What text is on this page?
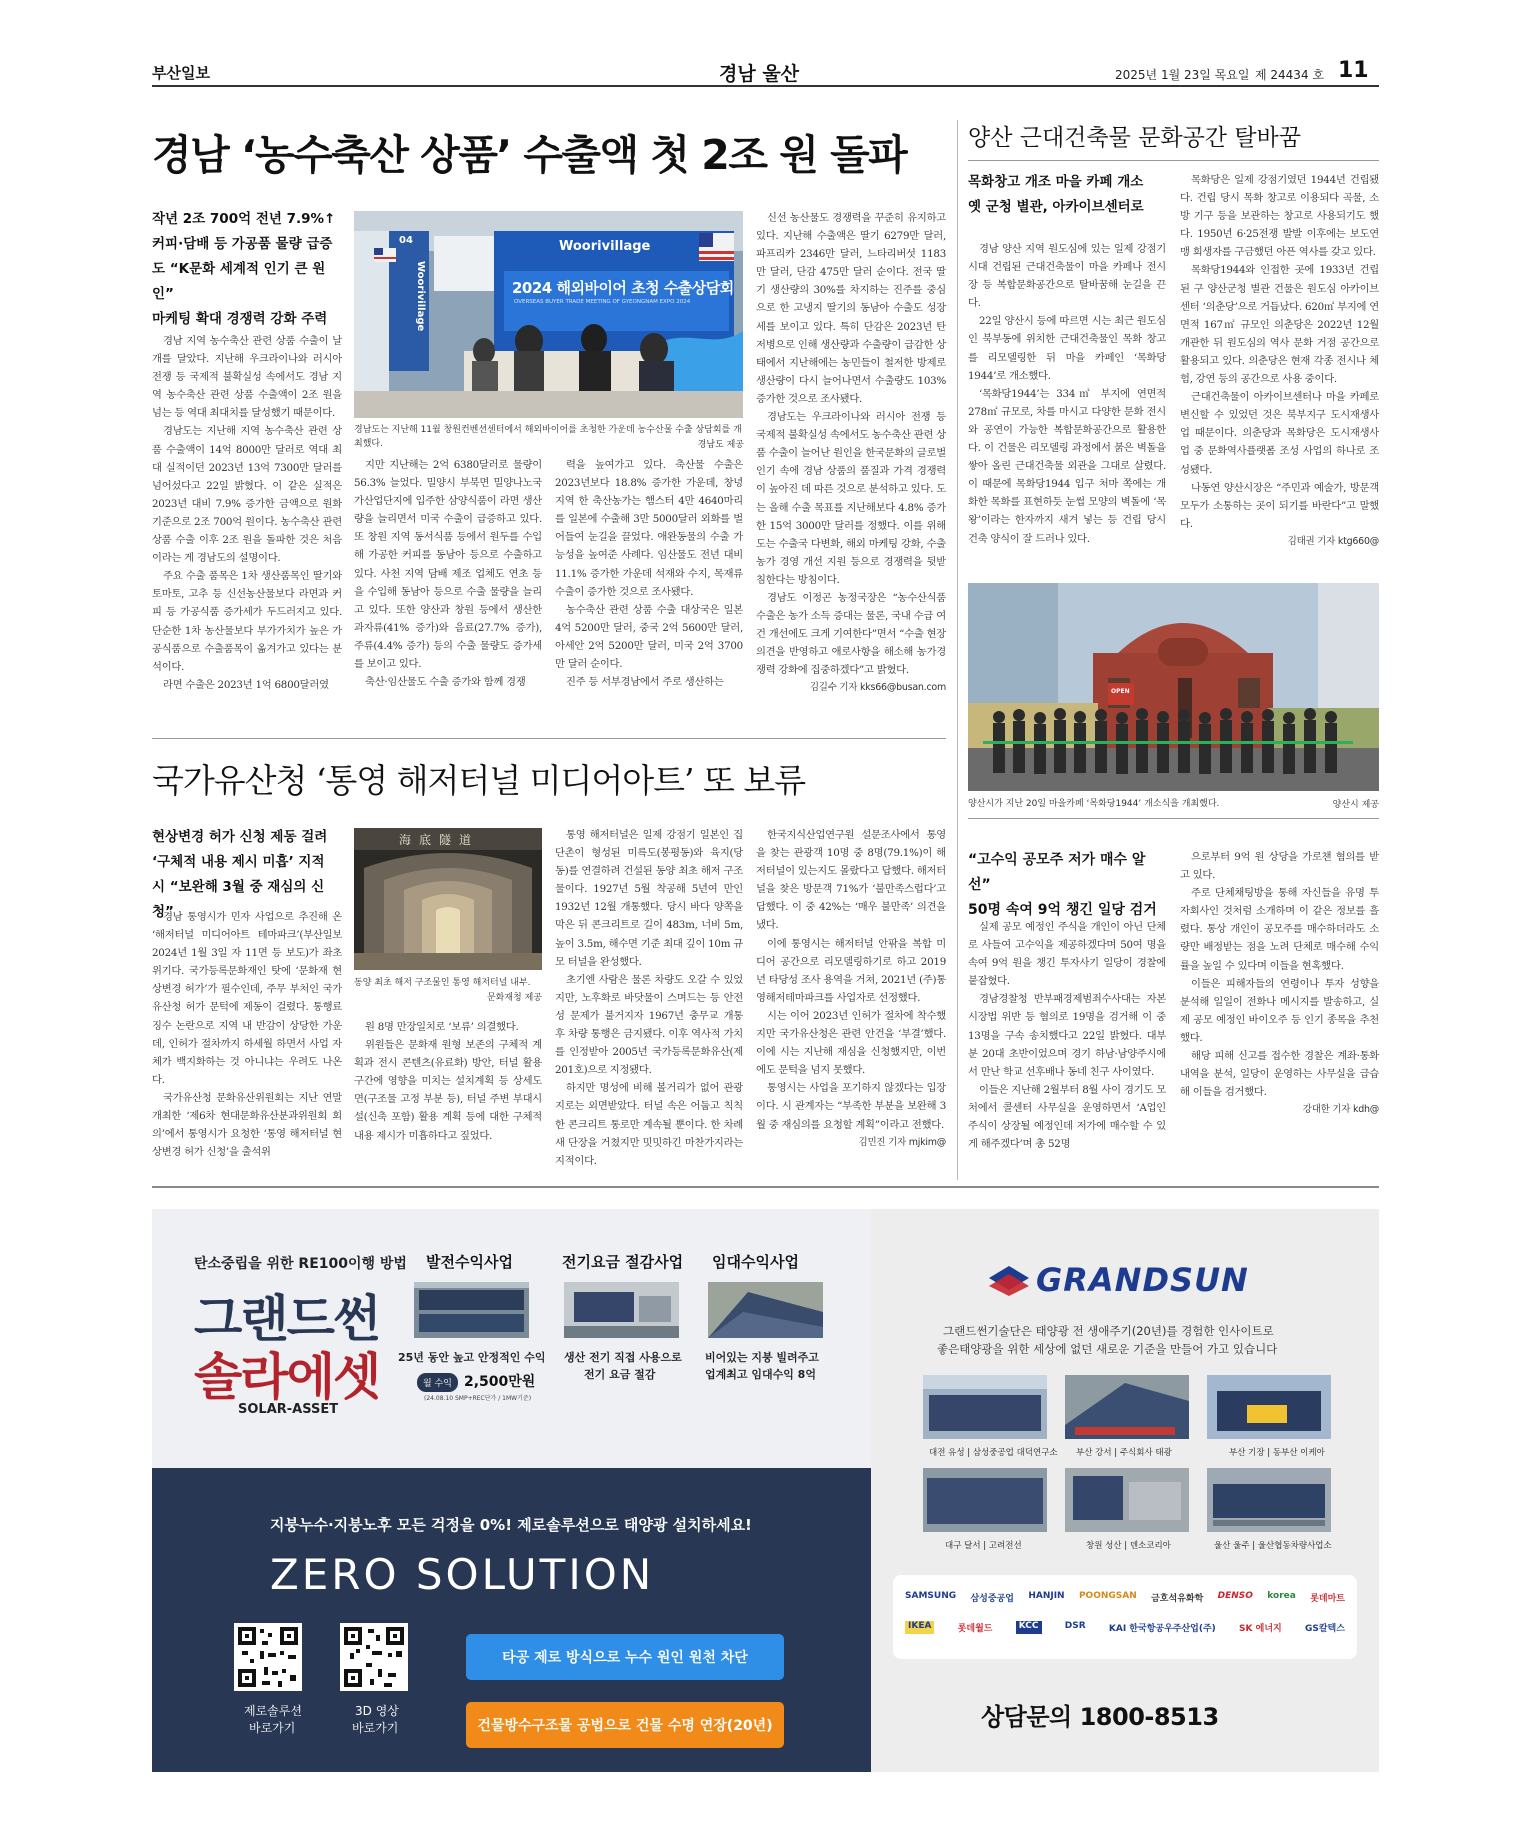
부산일보	경남 울산	2025년 1월 23일 목요일 제 24434 호 11
경남 ‘농수축산 상품’ 수출액 첫 2조 원 돌파
작년 2조 700억 전년 7.9%↑
커피·담배 등 가공품 물량 급증
도 “K문화 세계적 인기 큰 원인”
마케팅 확대 경쟁력 강화 주력
04
Woorivillage
Woorivillage
2024 해외바이어 초청 수출상담회
OVERSEAS BUYER TRADE MEETING OF GYEONGNAM EXPO 2024
경남도는 지난해 11월 창원컨벤션센터에서 해외바이어를 초청한 가운데 농수산물 수출 상담회를 개최했다.	경남도 제공

경남 지역 농수축산 관련 상품 수출이 날개를 달았다. 지난해 우크라이나와 러시아 전쟁 등 국제적 불확실성 속에서도 경남 지역 농수축산 관련 상품 수출액이 2조 원을 넘는 등 역대 최대치를 달성했기 때문이다.

경남도는 지난해 지역 농수축산 관련 상품 수출액이 14억 8000만 달러로 역대 최대 실적이던 2023년 13억 7300만 달러를 넘어섰다고 22일 밝혔다. 이 같은 실적은 2023년 대비 7.9% 증가한 금액으로 원화 기준으로 2조 700억 원이다. 농수축산 관련 상품 수출 이후 2조 원을 돌파한 것은 처음이라는 게 경남도의 설명이다.

주요 수출 품목은 1차 생산품목인 딸기와 토마토, 고추 등 신선농산물보다 라면과 커피 등 가공식품 증가세가 두드러지고 있다. 단순한 1차 농산물보다 부가가치가 높은 가공식품으로 수출품목이 옮겨가고 있다는 분석이다.

라면 수출은 2023년 1억 6800달러였

지만 지난해는 2억 6380달러로 물량이 56.3% 늘었다. 밀양시 부북면 밀양나노국가산업단지에 입주한 삼양식품이 라면 생산량을 늘리면서 미국 수출이 급증하고 있다. 또 창원 지역 동서식품 등에서 원두를 수입해 가공한 커피를 동남아 등으로 수출하고 있다. 사천 지역 담배 제조 업체도 연초 등을 수입해 동남아 등으로 수출 물량을 늘리고 있다. 또한 양산과 창원 등에서 생산한 과자류(41% 증가)와 음료(27.7% 증가), 주류(4.4% 증가) 등의 수출 물량도 증가세를 보이고 있다.

축산·임산물도 수출 증가와 함께 경쟁

력을 높여가고 있다. 축산물 수출은 2023년보다 18.8% 증가한 가운데, 창녕 지역 한 축산농가는 햄스터 4만 4640마리를 일본에 수출해 3만 5000달러 외화를 벌어들여 눈길을 끌었다. 애완동물의 수출 가능성을 높여준 사례다. 임산물도 전년 대비 11.1% 증가한 가운데 석재와 수지, 목재류 수출이 증가한 것으로 조사됐다.

농수축산 관련 상품 수출 대상국은 일본 4억 5200만 달러, 중국 2억 5600만 달러, 아세안 2억 5200만 달러, 미국 2억 3700만 달러 순이다.

진주 등 서부경남에서 주로 생산하는

신선 농산물도 경쟁력을 꾸준히 유지하고 있다. 지난해 수출액은 딸기 6279만 달러, 파프리카 2346만 달러, 느타리버섯 1183만 달러, 단감 475만 달러 순이다. 전국 딸기 생산량의 30%를 차지하는 진주를 중심으로 한 고냉지 딸기의 동남아 수출도 성장세를 보이고 있다. 특히 단감은 2023년 탄저병으로 인해 생산량과 수출량이 급감한 상태에서 지난해에는 농민들이 철저한 방제로 생산량이 다시 늘어나면서 수출량도 103% 증가한 것으로 조사됐다.

경남도는 우크라이나와 러시아 전쟁 등 국제적 불확실성 속에서도 농수축산 관련 상품 수출이 늘어난 원인을 한국문화의 글로벌 인기 속에 경남 상품의 품질과 가격 경쟁력이 높아진 데 따른 것으로 분석하고 있다. 도는 올해 수출 목표를 지난해보다 4.8% 증가한 15억 3000만 달러를 정했다. 이를 위해 도는 수출국 다변화, 해외 마케팅 강화, 수출 농가 경영 개선 지원 등으로 경쟁력을 뒷받침한다는 방침이다.

경남도 이정곤 농정국장은 “농수산식품 수출은 농가 소득 증대는 물론, 국내 수급 여건 개선에도 크게 기여한다”면서 “수출 현장 의견을 반영하고 애로사항을 해소해 농가경쟁력 강화에 집중하겠다”고 밝혔다.

김길수 기자 kks66@busan.com

양산 근대건축물 문화공간 탈바꿈
목화창고 개조 마을 카페 개소
옛 군청 별관, 아카이브센터로

경남 양산 지역 원도심에 있는 일제 강점기 시대 건립된 근대건축물이 마을 카페나 전시장 등 복합문화공간으로 탈바꿈해 눈길을 끈다.

22일 양산시 등에 따르면 시는 최근 원도심인 북부동에 위치한 근대건축물인 목화 창고를 리모델링한 뒤 마을 카페인 ‘목화당1944’로 개소했다.

‘목화당1944’는 334㎡ 부지에 연면적 278㎡ 규모로, 차를 마시고 다양한 문화 전시와 공연이 가능한 복합문화공간으로 활용한다. 이 건물은 리모델링 과정에서 붉은 벽돌을 쌓아 올린 근대건축물 외관을 그대로 살렸다. 이 때문에 목화당1944 입구 처마 쪽에는 개화한 목화를 표현하듯 눈썹 모양의 벽돌에 ‘목왕’이라는 한자까지 새겨 넣는 등 건립 당시 건축 양식이 잘 드러나 있다.

목화당은 일제 강점기였던 1944년 건립됐다. 건립 당시 목화 창고로 이용되다 곡물, 소방 기구 등을 보관하는 창고로 사용되기도 했다. 1950년 6·25전쟁 발발 이후에는 보도연맹 희생자를 구금했던 아픈 역사를 갖고 있다.

목화당1944와 인접한 곳에 1933년 건립된 구 양산군청 별관 건물은 원도심 아카이브센터 ‘의춘당’으로 거듭났다. 620㎡ 부지에 연면적 167㎡ 규모인 의춘당은 2022년 12월 개관한 뒤 원도심의 역사 문화 거점 공간으로 활용되고 있다. 의춘당은 현재 각종 전시나 체험, 강연 등의 공간으로 사용 중이다.

근대건축물이 아카이브센터나 마을 카페로 변신할 수 있었던 것은 북부지구 도시재생사업 때문이다. 의춘당과 목화당은 도시재생사업 중 문화역사플랫폼 조성 사업의 하나로 조성됐다.

나동연 양산시장은 “주민과 예술가, 방문객 모두가 소통하는 곳이 되기를 바란다”고 말했다.

김태권 기자 ktg660@

OPEN
양산시가 지난 20일 마을카페 ‘목화당1944’ 개소식을 개최했다.	양산시 제공
국가유산청 ‘통영 해저터널 미디어아트’ 또 보류
현상변경 허가 신청 제동 걸려
‘구체적 내용 제시 미흡’ 지적
시 “보완해 3월 중 재심의 신청”
海底隧道
동양 최초 해저 구조물인 통영 해저터널 내부.
문화재청 제공

경남 통영시가 민자 사업으로 추진해 온 ‘해저터널 미디어아트 테마파크’(부산일보 2024년 1월 3일 자 11면 등 보도)가 좌초 위기다. 국가등록문화재인 탓에 ‘문화재 현상변경 허가’가 필수인데, 주무 부처인 국가유산청 허가 문턱에 제동이 걸렸다. 통행료 징수 논란으로 지역 내 반감이 상당한 가운데, 인허가 절차까지 하세월 하면서 사업 자체가 백지화하는 것 아니냐는 우려도 나온다.

국가유산청 문화유산위원회는 지난 연말 개최한 ‘제6차 현대문화유산분과위원회 회의’에서 통영시가 요청한 ‘통영 해저터널 현상변경 허가 신청’을 출석위

원 8명 만장일치로 ‘보류’ 의결했다.

위원들은 문화재 원형 보존의 구체적 계획과 전시 콘텐츠(유료화) 방안, 터널 활용구간에 영향을 미치는 설치계획 등 상세도면(구조물 고정 부분 등), 터널 주변 부대시설(신축 포함) 활용 계획 등에 대한 구체적 내용 제시가 미흡하다고 짚었다.

통영 해저터널은 일제 강점기 일본인 집단촌이 형성된 미륵도(봉평동)와 육지(당동)를 연결하려 건설된 동양 최초 해저 구조물이다. 1927년 5월 착공해 5년여 만인 1932년 12월 개통했다. 당시 바다 양쪽을 막은 뒤 콘크리트로 길이 483m, 너비 5m, 높이 3.5m, 해수면 기준 최대 깊이 10m 규모 터널을 완성했다.

초기엔 사람은 물론 차량도 오갈 수 있었지만, 노후화로 바닷물이 스며드는 등 안전성 문제가 불거지자 1967년 충무교 개통 후 차량 통행은 금지됐다. 이후 역사적 가치를 인정받아 2005년 국가등록문화유산(제201호)으로 지정됐다.

하지만 명성에 비해 볼거리가 없어 관광지로는 외면받았다. 터널 속은 어둡고 칙칙한 콘크리트 통로만 계속될 뿐이다. 한 차례 새 단장을 거쳤지만 밋밋하긴 마찬가지라는 지적이다.

한국지식산업연구원 설문조사에서 통영을 찾는 관광객 10명 중 8명(79.1%)이 해저터널이 있는지도 몰랐다고 답했다. 해저터널을 찾은 방문객 71%가 ‘불만족스럽다’고 답했다. 이 중 42%는 ‘매우 불만족’ 의견을 냈다.

이에 통영시는 해저터널 안팎을 복합 미디어 공간으로 리모델링하기로 하고 2019년 타당성 조사 용역을 거쳐, 2021년 (주)통영해저테마파크를 사업자로 선정했다.

시는 이어 2023년 인허가 절차에 착수했지만 국가유산청은 관련 안건을 ‘부결’했다. 이에 시는 지난해 재심을 신청했지만, 이번에도 문턱을 넘지 못했다.

통영시는 사업을 포기하지 않겠다는 입장이다. 시 관계자는 “부족한 부분을 보완해 3월 중 재심의를 요청할 계획”이라고 전했다.

김민진 기자 mjkim@

“고수익 공모주 저가 매수 알선”
50명 속여 9억 챙긴 일당 검거

실제 공모 예정인 주식을 개인이 아닌 단체로 사들여 고수익을 제공하겠다며 50여 명을 속여 9억 원을 챙긴 투자사기 일당이 경찰에 붙잡혔다.

경남경찰청 반부패경제범죄수사대는 자본시장법 위반 등 혐의로 19명을 검거해 이 중 13명을 구속 송치했다고 22일 밝혔다. 대부분 20대 초반이었으며 경기 하남·남양주시에서 만난 학교 선후배나 동네 친구 사이였다.

이들은 지난해 2월부터 8월 사이 경기도 모처에서 콜센터 사무실을 운영하면서 ‘A업인 주식이 상장될 예정인데 저가에 매수할 수 있게 해주겠다’며 총 52명

으로부터 9억 원 상당을 가로챈 혐의를 받고 있다.

주로 단체채팅방을 통해 자신들을 유명 투자회사인 것처럼 소개하며 이 같은 정보를 흘렸다. 통상 개인이 공모주를 매수하더라도 소량만 배정받는 점을 노려 단체로 매수해 수익률을 높일 수 있다며 이들을 현혹했다.

이들은 피해자들의 연령이나 투자 성향을 분석해 일일이 전화나 메시지를 발송하고, 실제 공모 예정인 바이오주 등 인기 종목을 추천했다.

해당 피해 신고를 접수한 경찰은 계좌·통화내역을 분석, 일당이 운영하는 사무실을 급습해 이들을 검거했다.

강대한 기자 kdh@

탄소중립을 위한 RE100이행 방법
그랜드썬
솔라에셋
SOLAR-ASSET
발전수익사업
25년 동안 높고 안정적인 수익
월 수익 2,500만원
(24.08.10 SMP+REC단가 / 1MW기준)
전기요금 절감사업
생산 전기 직접 사용으로
전기 요금 절감
임대수익사업
비어있는 지붕 빌려주고
업계최고 임대수익 8억
지붕누수·지붕노후 모든 걱정을 0%! 제로솔루션으로 태양광 설치하세요!
ZERO SOLUTION
제로솔루션
바로가기
3D 영상
바로가기
타공 제로 방식으로 누수 원인 원천 차단
건물방수구조물 공법으로 건물 수명 연장(20년)
GRANDSUN
그랜드썬기술단은 태양광 전 생애주기(20년)를 경험한 인사이트로
좋은태양광을 위한 세상에 없던 새로운 기준을 만들어 가고 있습니다
대전 유성 | 삼성중공업 대덕연구소 부산 강서 | 주식회사 태광	부산 기장 | 동부산 이케아
대구 달서 | 고려전선	창원 성산 | 덴소코리아	울산 울주 | 울산협동차량사업소
SAMSUNG 삼성중공업 HANJIN POONGSAN 금호석유화학 DENSO korea 롯데마트
IKEA	롯데월드	KCC	DSR	KAI 한국항공우주산업(주)	SK 에너지	GS칼텍스
상담문의 1800-8513
